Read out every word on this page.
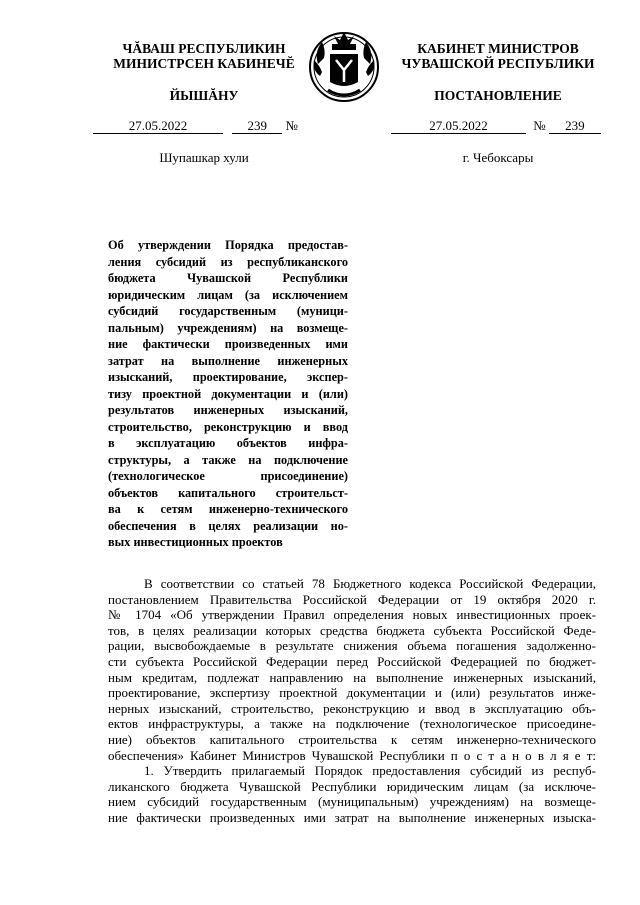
ЧĂВАШ РЕСПУБЛИКИН
МИНИСТРСЕН КАБИНЕЧĔ
ЙЫШĂНУ
27.05.2022	239 №
Шупашкар хули
КАБИНЕТ МИНИСТРОВ
ЧУВАШСКОЙ РЕСПУБЛИКИ
ПОСТАНОВЛЕНИЕ
27.05.2022	№ 239
г. Чебоксары
Об утверждении Порядка предостав-
ления субсидий из республиканского
бюджета Чувашской Республики
юридическим лицам (за исключением
субсидий государственным (муници-
пальным) учреждениям) на возмеще-
ние фактически произведенных ими
затрат на выполнение инженерных
изысканий, проектирование, экспер-
тизу проектной документации и (или)
результатов инженерных изысканий,
строительство, реконструкцию и ввод
в эксплуатацию объектов инфра-
структуры, а также на подключение
(технологическое присоединение)
объектов капитального строительст-
ва к сетям инженерно-технического
обеспечения в целях реализации но-
вых инвестиционных проектов
В соответствии со статьей 78 Бюджетного кодекса Российской Федерации,
постановлением Правительства Российской Федерации от 19 октября 2020 г.
№ 1704 «Об утверждении Правил определения новых инвестиционных проек-
тов, в целях реализации которых средства бюджета субъекта Российской Феде-
рации, высвобождаемые в результате снижения объема погашения задолженно-
сти субъекта Российской Федерации перед Российской Федерацией по бюджет-
ным кредитам, подлежат направлению на выполнение инженерных изысканий,
проектирование, экспертизу проектной документации и (или) результатов инже-
нерных изысканий, строительство, реконструкцию и ввод в эксплуатацию объ-
ектов инфраструктуры, а также на подключение (технологическое присоедине-
ние) объектов капитального строительства к сетям инженерно-технического
обеспечения» Кабинет Министров Чувашской Республики п о с т а н о в л я е т:
1. Утвердить прилагаемый Порядок предоставления субсидий из респуб-
ликанского бюджета Чувашской Республики юридическим лицам (за исключе-
нием субсидий государственным (муниципальным) учреждениям) на возмеще-
ние фактически произведенных ими затрат на выполнение инженерных изыска-
